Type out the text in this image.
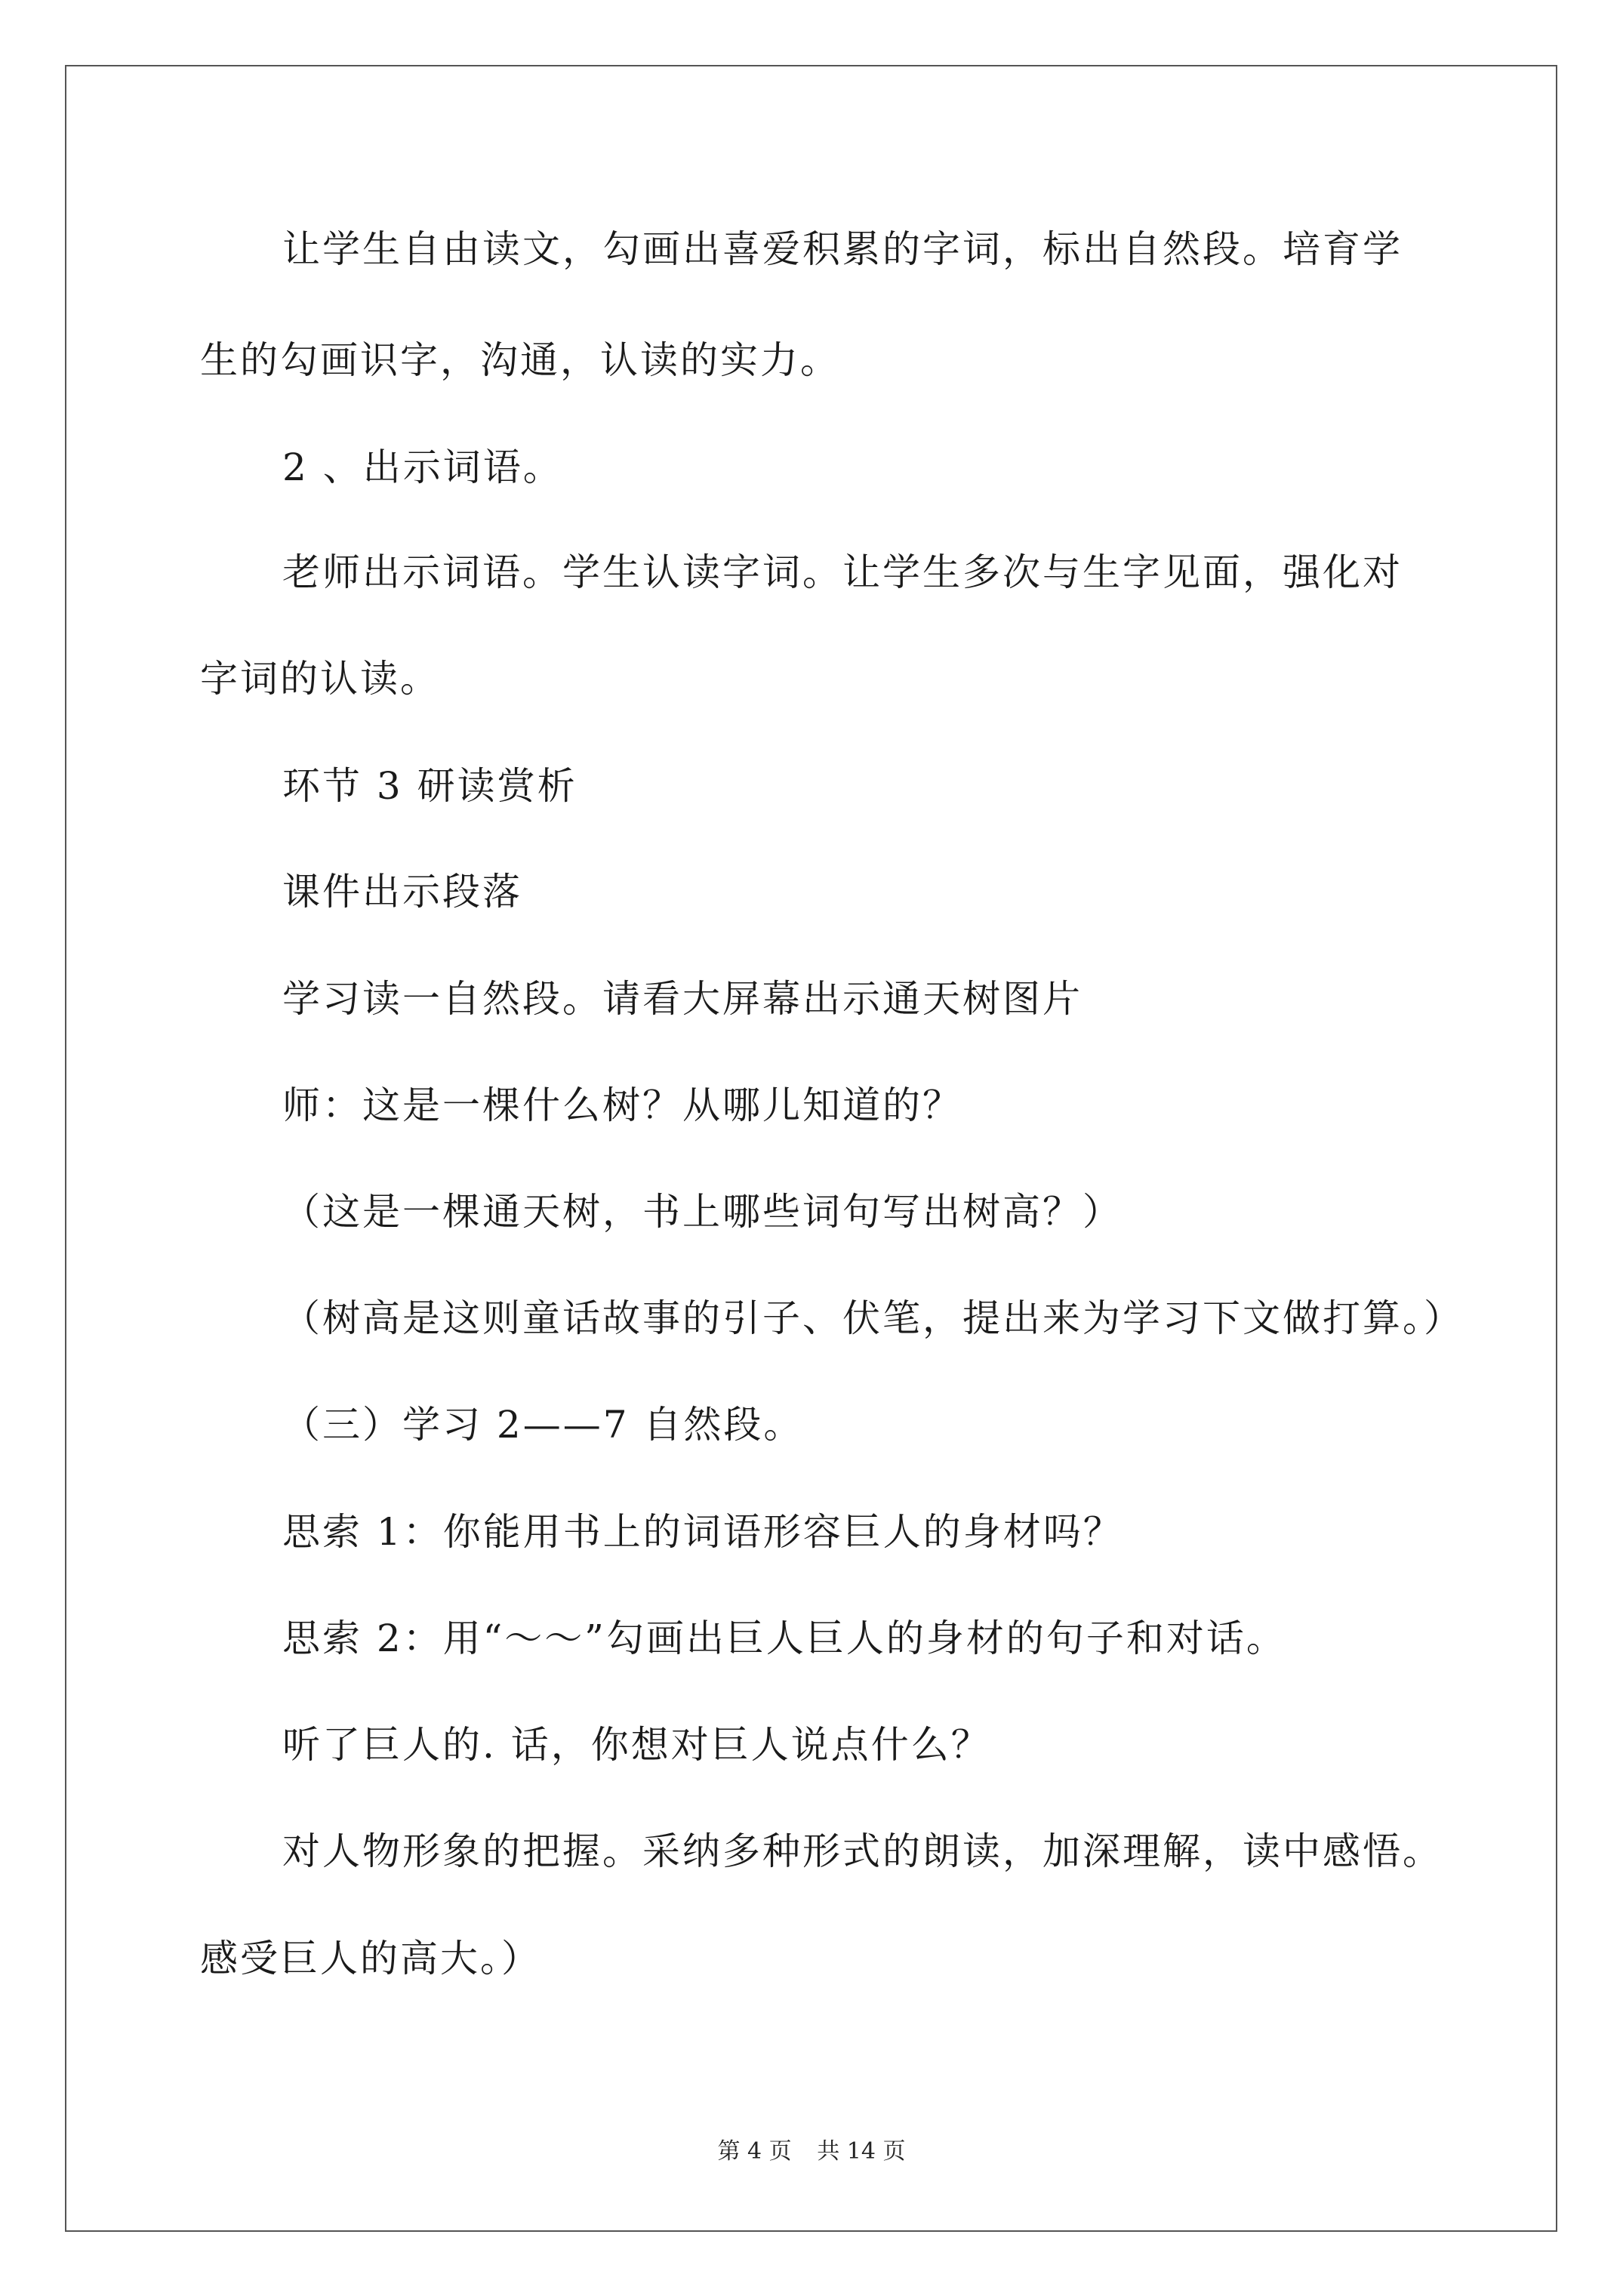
让学生自由读文，勾画出喜爱积累的字词，标出自然段。培育学
生的勾画识字，沟通，认读的实力。
2 、出示词语。
老师出示词语。学生认读字词。让学生多次与生字见面，强化对
字词的认读。
环节 3 研读赏析
课件出示段落
学习读一自然段。请看大屏幕出示通天树图片
师：这是一棵什么树？从哪儿知道的？
（这是一棵通天树，书上哪些词句写出树高？）
（树高是这则童话故事的引子、伏笔，提出来为学习下文做打算。）
（三）学习 2——7 自然段。
思索 1：你能用书上的词语形容巨人的身材吗？
思索 2：用“～～”勾画出巨人巨人的身材的句子和对话。
听了巨人的. 话，你想对巨人说点什么？
对人物形象的把握。采纳多种形式的朗读，加深理解，读中感悟。
感受巨人的高大。）
第 4 页 共 14 页
